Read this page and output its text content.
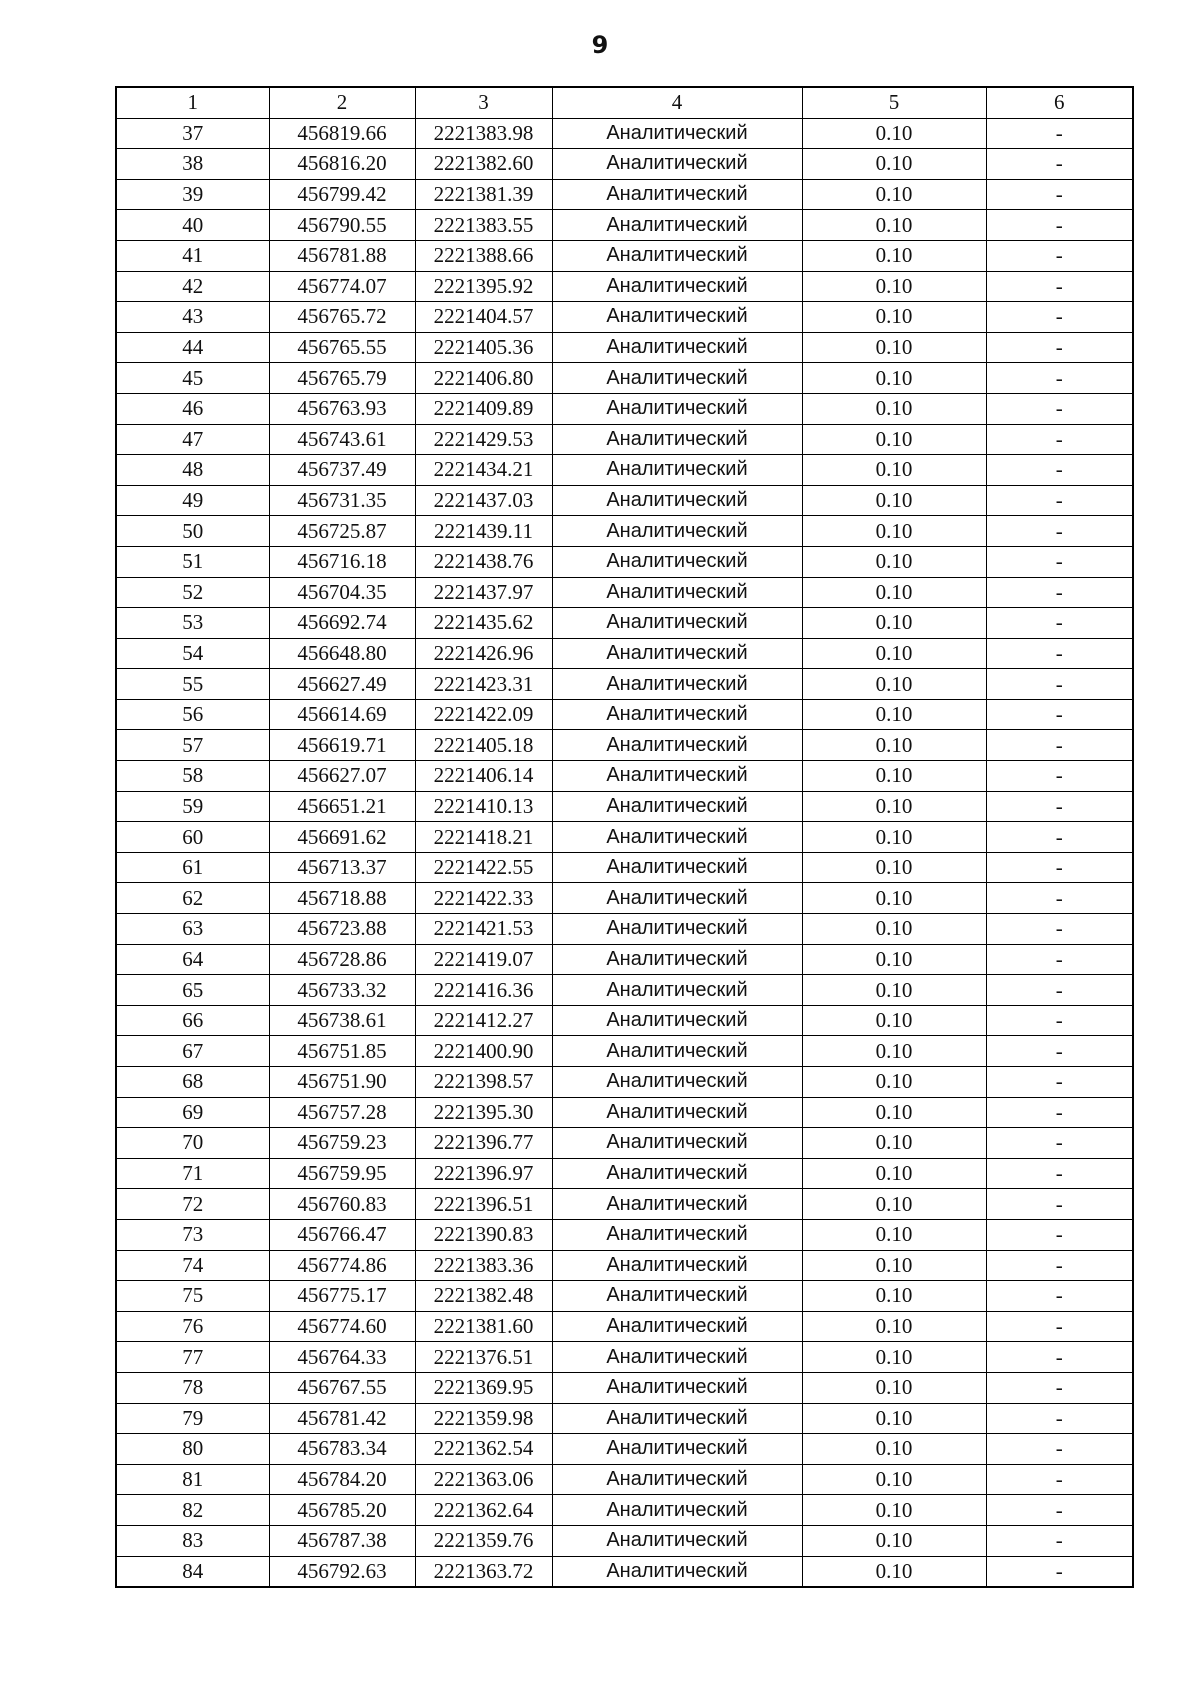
9
1	2	3	4	5	6
37	456819.66	2221383.98	Аналитический	0.10	-
38	456816.20	2221382.60	Аналитический	0.10	-
39	456799.42	2221381.39	Аналитический	0.10	-
40	456790.55	2221383.55	Аналитический	0.10	-
41	456781.88	2221388.66	Аналитический	0.10	-
42	456774.07	2221395.92	Аналитический	0.10	-
43	456765.72	2221404.57	Аналитический	0.10	-
44	456765.55	2221405.36	Аналитический	0.10	-
45	456765.79	2221406.80	Аналитический	0.10	-
46	456763.93	2221409.89	Аналитический	0.10	-
47	456743.61	2221429.53	Аналитический	0.10	-
48	456737.49	2221434.21	Аналитический	0.10	-
49	456731.35	2221437.03	Аналитический	0.10	-
50	456725.87	2221439.11	Аналитический	0.10	-
51	456716.18	2221438.76	Аналитический	0.10	-
52	456704.35	2221437.97	Аналитический	0.10	-
53	456692.74	2221435.62	Аналитический	0.10	-
54	456648.80	2221426.96	Аналитический	0.10	-
55	456627.49	2221423.31	Аналитический	0.10	-
56	456614.69	2221422.09	Аналитический	0.10	-
57	456619.71	2221405.18	Аналитический	0.10	-
58	456627.07	2221406.14	Аналитический	0.10	-
59	456651.21	2221410.13	Аналитический	0.10	-
60	456691.62	2221418.21	Аналитический	0.10	-
61	456713.37	2221422.55	Аналитический	0.10	-
62	456718.88	2221422.33	Аналитический	0.10	-
63	456723.88	2221421.53	Аналитический	0.10	-
64	456728.86	2221419.07	Аналитический	0.10	-
65	456733.32	2221416.36	Аналитический	0.10	-
66	456738.61	2221412.27	Аналитический	0.10	-
67	456751.85	2221400.90	Аналитический	0.10	-
68	456751.90	2221398.57	Аналитический	0.10	-
69	456757.28	2221395.30	Аналитический	0.10	-
70	456759.23	2221396.77	Аналитический	0.10	-
71	456759.95	2221396.97	Аналитический	0.10	-
72	456760.83	2221396.51	Аналитический	0.10	-
73	456766.47	2221390.83	Аналитический	0.10	-
74	456774.86	2221383.36	Аналитический	0.10	-
75	456775.17	2221382.48	Аналитический	0.10	-
76	456774.60	2221381.60	Аналитический	0.10	-
77	456764.33	2221376.51	Аналитический	0.10	-
78	456767.55	2221369.95	Аналитический	0.10	-
79	456781.42	2221359.98	Аналитический	0.10	-
80	456783.34	2221362.54	Аналитический	0.10	-
81	456784.20	2221363.06	Аналитический	0.10	-
82	456785.20	2221362.64	Аналитический	0.10	-
83	456787.38	2221359.76	Аналитический	0.10	-
84	456792.63	2221363.72	Аналитический	0.10	-
